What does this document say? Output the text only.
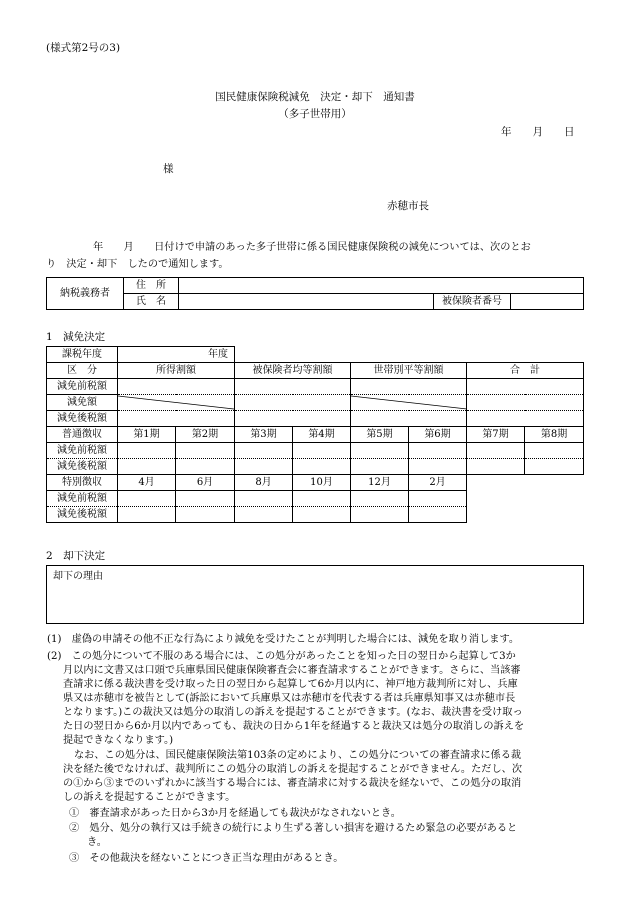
(様式第2号の3)
国民健康保険税減免　決定・却下　通知書
（多子世帯用）
年　　月　　日
様
赤穂市長
年　　月　　日付けで申請のあった多子世帯に係る国民健康保険税の減免については、次のとお
り　決定・却下　したので通知します。
納税義務者	住　所			
	氏　名		被保険者番号	
1　減免決定
課税年度	年度							
区　分	所得割額		被保険者均等割額		世帯別平等割額		合　計	
減免前税額								
減免額	

減免後税額								
普通徴収	第1期	第2期	第3期	第4期	第5期	第6期	第7期	第8期
減免前税額								
減免後税額								
特別徴収	4月	6月	8月	10月	12月	2月		
減免前税額								
減免後税額								
2　却下決定
却下の理由
(1)　虚偽の申請その他不正な行為により減免を受けたことが判明した場合には、減免を取り消します。
(2)　この処分について不服のある場合には、この処分があったことを知った日の翌日から起算して3か
月以内に文書又は口頭で兵庫県国民健康保険審査会に審査請求することができます。さらに、当該審
査請求に係る裁決書を受け取った日の翌日から起算して6か月以内に、神戸地方裁判所に対し、兵庫
県又は赤穂市を被告として(訴訟において兵庫県又は赤穂市を代表する者は兵庫県知事又は赤穂市長
となります。)この裁決又は処分の取消しの訴えを提起することができます。(なお、裁決書を受け取っ
た日の翌日から6か月以内であっても、裁決の日から1年を経過すると裁決又は処分の取消しの訴えを
提起できなくなります。)
なお、この処分は、国民健康保険法第103条の定めにより、この処分についての審査請求に係る裁
決を経た後でなければ、裁判所にこの処分の取消しの訴えを提起することができません。ただし、次
の①から③までのいずれかに該当する場合には、審査請求に対する裁決を経ないで、この処分の取消
しの訴えを提起することができます。
①　審査請求があった日から3か月を経過しても裁決がなされないとき。
②　処分、処分の執行又は手続きの続行により生ずる著しい損害を避けるため緊急の必要があると
き。
③　その他裁決を経ないことにつき正当な理由があるとき。
